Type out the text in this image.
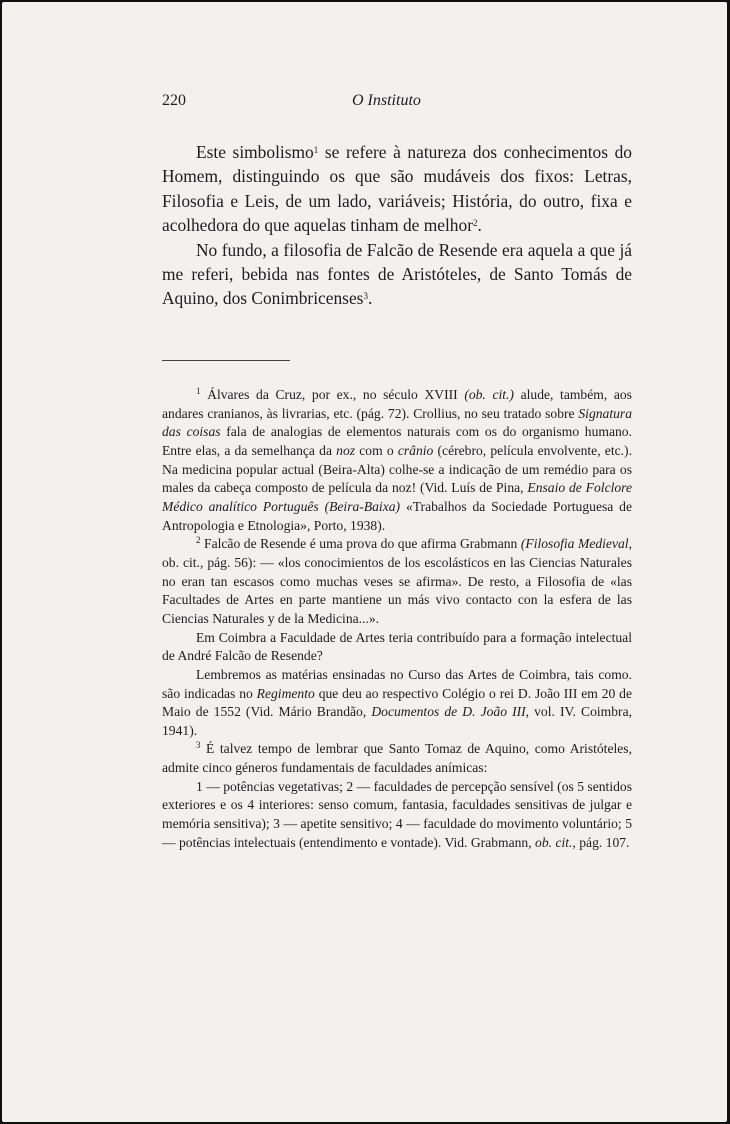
220	O Instituto

Este simbolismo$^1$ se refere à natureza dos conhecimentos do Homem, distinguindo os que são mudáveis dos fixos: Letras, Filosofia e Leis, de um lado, variáveis; História, do outro, fixa e acolhedora do que aquelas tinham de melhor$^2$.

No fundo, a filosofia de Falcão de Resende era aquela a que já me referi, bebida nas fontes de Aristóteles, de Santo Tomás de Aquino, dos Conimbricenses$^3$.

$^1$ Álvares da Cruz, por ex., no século XVIII (ob. cit.) alude, também, aos andares cranianos, às livrarias, etc. (pág. 72). Crollius, no seu tratado sobre Signatura das coisas fala de analogias de elementos naturais com os do organismo humano. Entre elas, a da semelhança da noz com o crânio (cérebro, película envolvente, etc.). Na medicina popular actual (Beira-Alta) colhe-se a indicação de um remédio para os males da cabeça composto de película da noz! (Vid. Luís de Pina, Ensaio de Folclore Médico analítico Português (Beira-Baixa) «Trabalhos da Sociedade Portuguesa de Antropologia e Etnologia», Porto, 1938).

$^2$ Falcão de Resende é uma prova do que afirma Grabmann (Filosofia Medieval, ob. cit., pág. 56): — «los conocimientos de los escolásticos en las Ciencias Naturales no eran tan escasos como muchas veses se afirma». De resto, a Filosofia de «las Facultades de Artes en parte mantiene un más vivo contacto con la esfera de las Ciencias Naturales y de la Medicina...».

Em Coimbra a Faculdade de Artes teria contribuído para a formação intelectual de André Falcão de Resende?

Lembremos as matérias ensinadas no Curso das Artes de Coimbra, tais como. são indicadas no Regimento que deu ao respectivo Colégio o rei D. João III em 20 de Maio de 1552 (Vid. Mário Brandão, Documentos de D. João III, vol. IV. Coimbra, 1941).

$^3$ É talvez tempo de lembrar que Santo Tomaz de Aquino, como Aristóteles, admite cinco géneros fundamentais de faculdades anímicas:

1 — potências vegetativas; 2 — faculdades de percepção sensível (os 5 sentidos exteriores e os 4 interiores: senso comum, fantasia, faculdades sensitivas de julgar e memória sensitiva); 3 — apetite sensitivo; 4 — faculdade do movimento voluntário; 5 — potências intelectuais (entendimento e vontade). Vid. Grabmann, ob. cit., pág. 107.
